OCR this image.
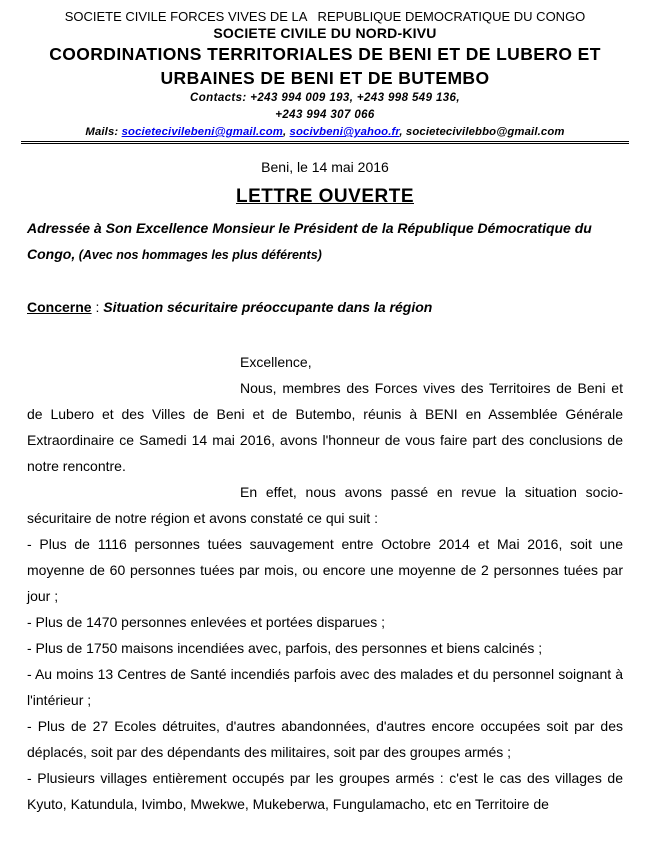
SOCIETE CIVILE FORCES VIVES DE LA   REPUBLIQUE DEMOCRATIQUE DU CONGO
SOCIETE CIVILE DU NORD-KIVU
COORDINATIONS TERRITORIALES DE BENI ET DE LUBERO ET
URBAINES DE BENI ET DE BUTEMBO
Contacts: +243 994 009 193, +243 998 549 136,
+243 994 307 066
Mails: societecivilebeni@gmail.com, socivbeni@yahoo.fr, societecivilebbo@gmail.com
Beni, le 14 mai 2016
LETTRE OUVERTE
Adressée à Son Excellence Monsieur le Président de la République Démocratique du Congo, (Avec nos hommages les plus déférents)
Concerne : Situation sécuritaire préoccupante dans la région
Excellence,
Nous, membres des Forces vives des Territoires de Beni et de Lubero et des Villes de Beni et de Butembo, réunis à BENI en Assemblée Générale Extraordinaire ce Samedi 14 mai 2016, avons l'honneur de vous faire part des conclusions de notre rencontre.
En effet, nous avons passé en revue la situation socio-sécuritaire de notre région et avons constaté ce qui suit :
- Plus de 1116 personnes tuées sauvagement entre Octobre 2014 et Mai 2016, soit une moyenne de 60 personnes tuées par mois, ou encore une moyenne de 2 personnes tuées par jour ;
- Plus de 1470 personnes enlevées et portées disparues ;
- Plus de 1750 maisons incendiées avec, parfois, des personnes et biens calcinés ;
- Au moins 13 Centres de Santé incendiés parfois avec des malades et du personnel soignant à l'intérieur ;
- Plus de 27 Ecoles détruites, d'autres abandonnées, d'autres encore occupées soit par des déplacés, soit par des dépendants des militaires, soit par des groupes armés ;
- Plusieurs villages entièrement occupés par les groupes armés : c'est le cas des villages de Kyuto, Katundula, Ivimbo, Mwekwe, Mukeberwa, Fungulamacho, etc en Territoire de
